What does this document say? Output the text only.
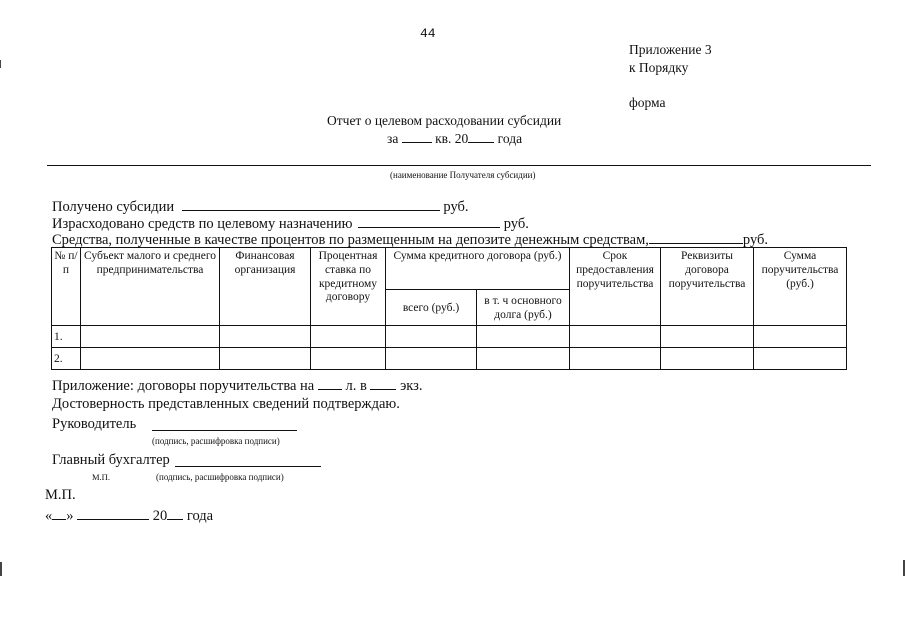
44
Приложение 3
к Порядку
форма
Отчет о целевом расходовании субсидии
за	кв. 20 года
(наименование Получателя субсидии)
Получено субсидии	руб.
Израсходовано средств по целевому назначению	руб.
Средства, полученные в качестве процентов по размещенным на депозите денежным средствам,	руб.
№ п/п	Субъект малого и среднего предпринимательства	Финансовая организация	Процентная ставка по кредитному договору	Сумма кредитного договора (руб.)		Срок предоставления поручительства	Реквизиты договора поручительства	Сумма поручительства (руб.)
				всего (руб.)	в т. ч основного долга (руб.)			
1.								
2.								
Приложение: договоры поручительства на л. в экз.
Достоверность представленных сведений подтверждаю.
Руководитель
(подпись, расшифровка подписи)
Главный бухгалтер
М.П.	(подпись, расшифровка подписи)
М.П.
« »	20 года
